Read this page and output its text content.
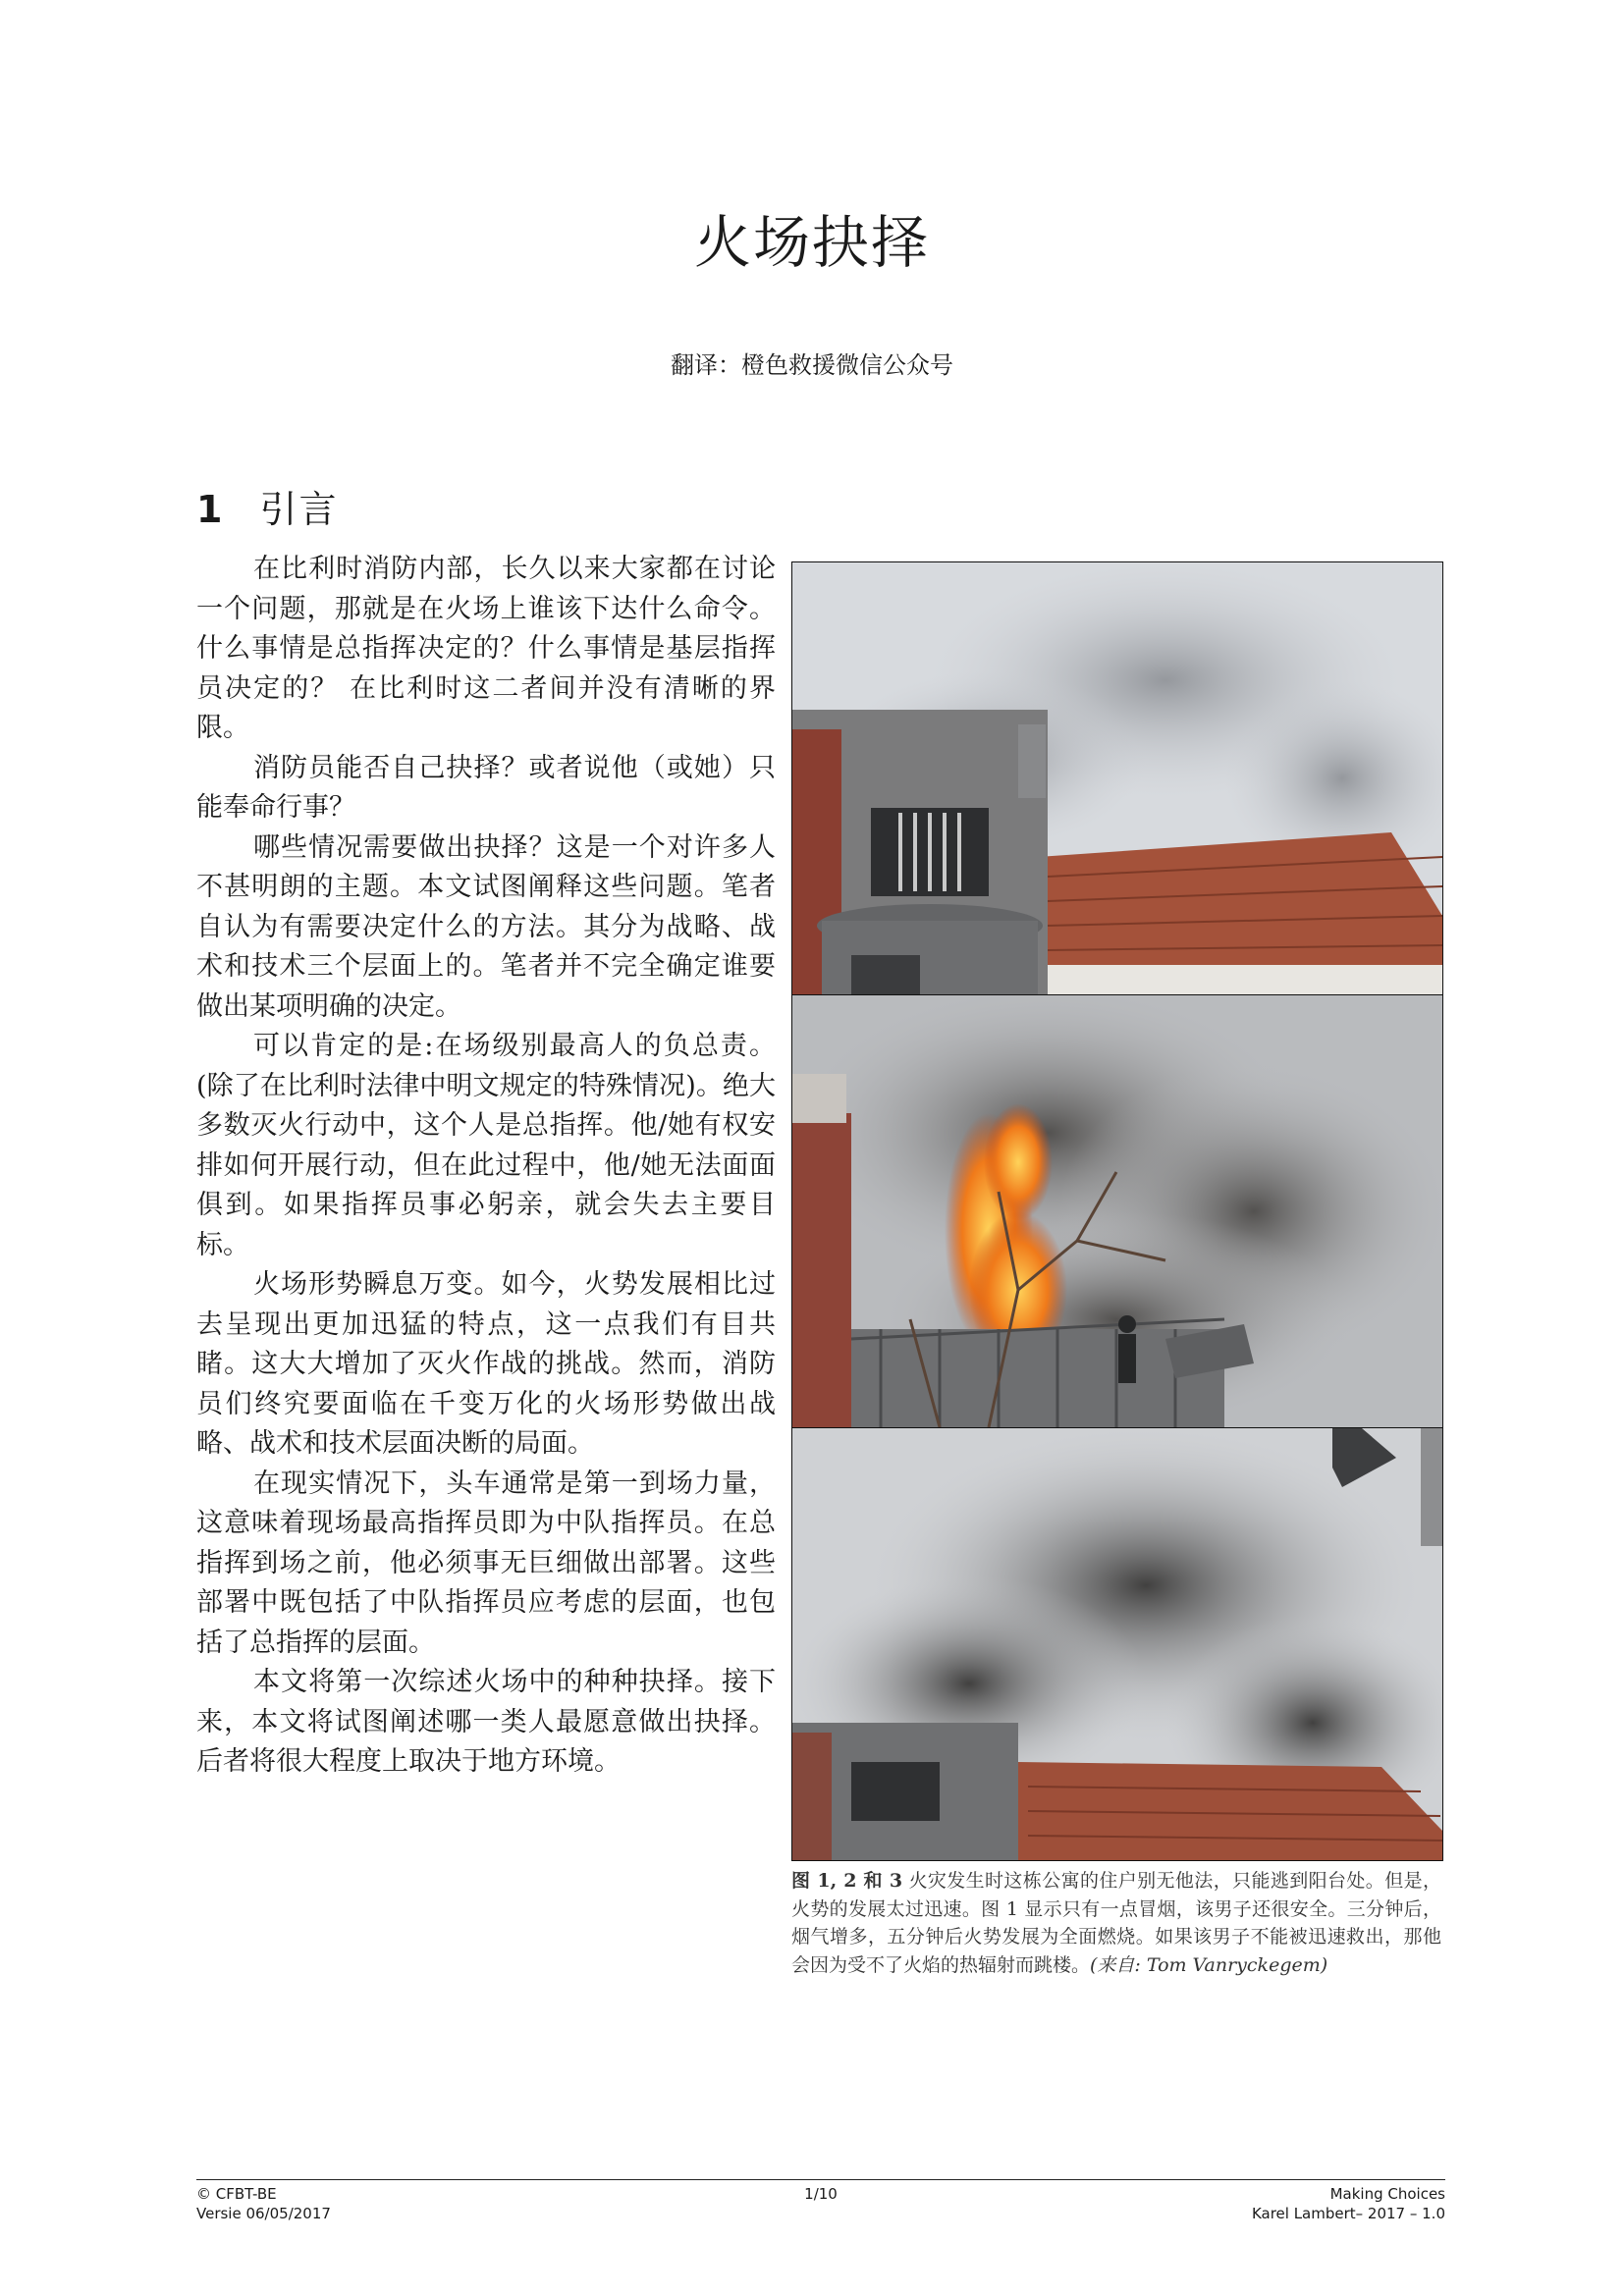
火场抉择
翻译：橙色救援微信公众号
1 引言

在比利时消防内部，长久以来大家都在讨论一个问题，那就是在火场上谁该下达什么命令。什么事情是总指挥决定的？什么事情是基层指挥员决定的？ 在比利时这二者间并没有清晰的界限。

消防员能否自己抉择？或者说他（或她）只能奉命行事？

哪些情况需要做出抉择？这是一个对许多人不甚明朗的主题。本文试图阐释这些问题。笔者自认为有需要决定什么的方法。其分为战略、战术和技术三个层面上的。笔者并不完全确定谁要做出某项明确的决定。

可以肯定的是:在场级别最高人的负总责。(除了在比利时法律中明文规定的特殊情况)。绝大多数灭火行动中，这个人是总指挥。他/她有权安排如何开展行动，但在此过程中，他/她无法面面俱到。如果指挥员事必躬亲，就会失去主要目标。

火场形势瞬息万变。如今，火势发展相比过去呈现出更加迅猛的特点，这一点我们有目共睹。这大大增加了灭火作战的挑战。然而，消防员们终究要面临在千变万化的火场形势做出战略、战术和技术层面决断的局面。

在现实情况下，头车通常是第一到场力量，这意味着现场最高指挥员即为中队指挥员。在总指挥到场之前，他必须事无巨细做出部署。这些部署中既包括了中队指挥员应考虑的层面，也包括了总指挥的层面。

本文将第一次综述火场中的种种抉择。接下来，本文将试图阐述哪一类人最愿意做出抉择。后者将很大程度上取决于地方环境。

图 1, 2 和 3 火灾发生时这栋公寓的住户别无他法，只能逃到阳台处。但是，火势的发展太过迅速。图 1 显示只有一点冒烟，该男子还很安全。三分钟后，烟气增多，五分钟后火势发展为全面燃烧。如果该男子不能被迅速救出，那他会因为受不了火焰的热辐射而跳楼。(来自: Tom Vanryckegem)
© CFBT-BE	1/10	Making Choices
Versie 06/05/2017	Karel Lambert– 2017 – 1.0
